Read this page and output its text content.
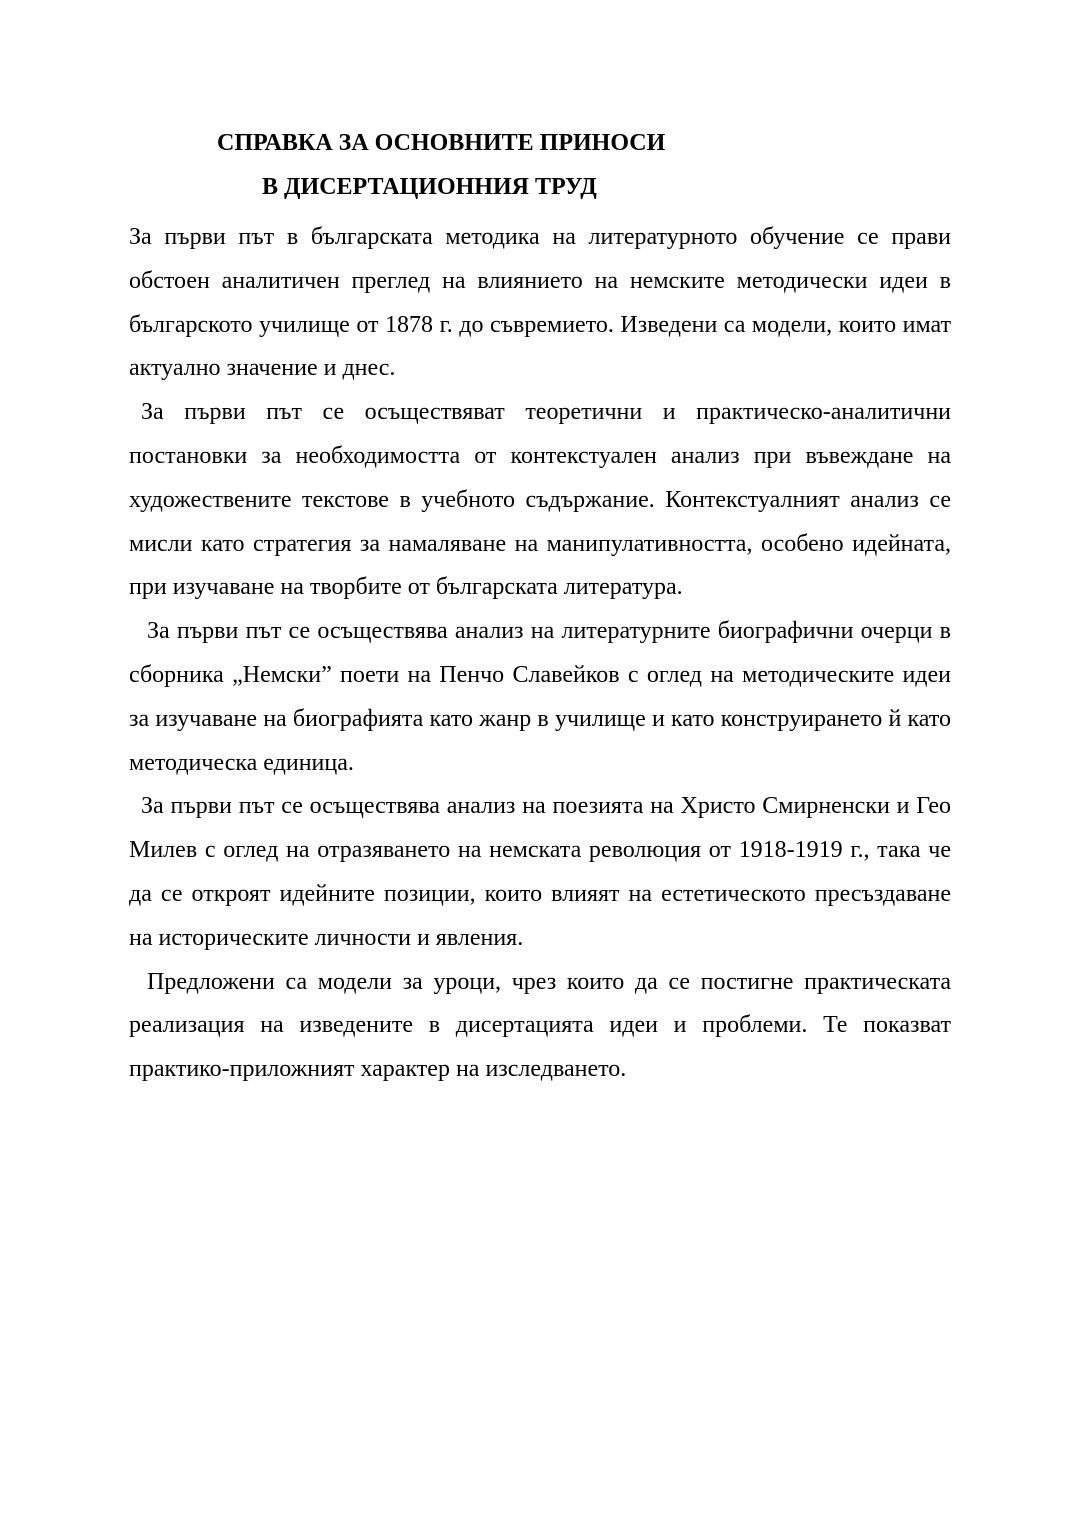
СПРАВКА ЗА ОСНОВНИТЕ ПРИНОСИ
В ДИСЕРТАЦИОННИЯ ТРУД

За първи път в българската методика на литературното обучение се прави обстоен аналитичен преглед на влиянието на немските методически идеи в българското училище от 1878 г. до съвремието. Изведени са модели, които имат актуално значение и днес.

За първи път се осъществяват теоретични и практическо-аналитични постановки за необходимостта от контекстуален анализ при въвеждане на художествените текстове в учебното съдържание. Контекстуалният анализ се мисли като стратегия за намаляване на манипулативността, особено идейната, при изучаване на творбите от българската литература.

За първи път се осъществява анализ на литературните биографични очерци в сборника „Немски” поети на Пенчо Славейков с оглед на методическите идеи за изучаване на биографията като жанр в училище и като конструирането й като методическа единица.

За първи път се осъществява анализ на поезията на Христо Смирненски и Гео Милев с оглед на отразяването на немската революция от 1918-1919 г., така че да се откроят идейните позиции, които влияят на естетическото пресъздаване на историческите личности и явления.

Предложени са модели за уроци, чрез които да се постигне практическата реализация на изведените в дисертацията идеи и проблеми. Те показват практико-приложният характер на изследването.
